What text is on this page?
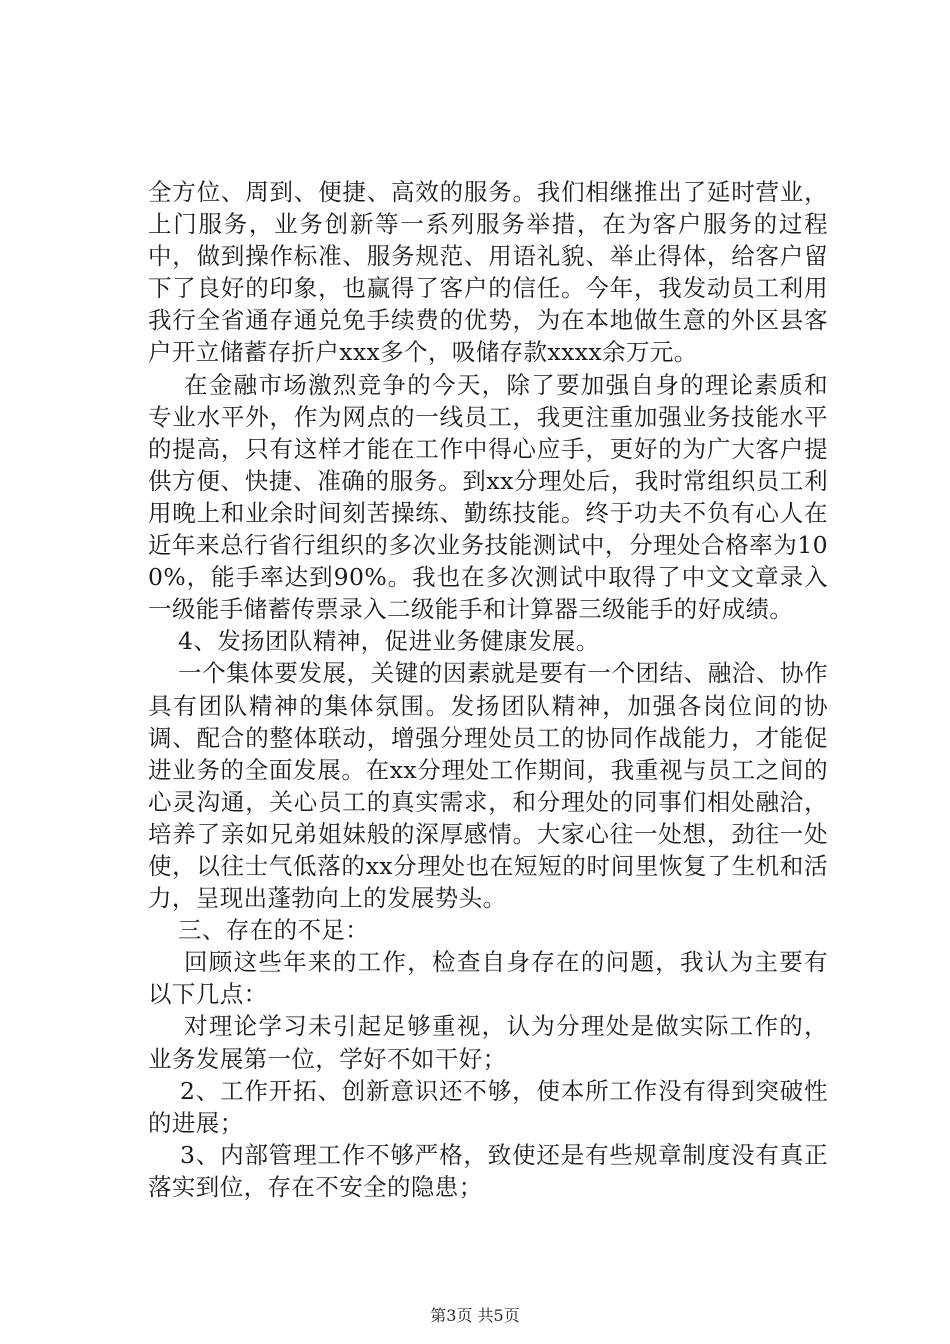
全方位、周到、便捷、高效的服务。我们相继推出了延时营业，上门服务，业务创新等一系列服务举措，在为客户服务的过程中，做到操作标准、服务规范、用语礼貌、举止得体，给客户留下了良好的印象，也赢得了客户的信任。今年，我发动员工利用我行全省通存通兑免手续费的优势，为在本地做生意的外区县客户开立储蓄存折户xxx多个，吸储存款xxxx余万元。

在金融市场激烈竞争的今天，除了要加强自身的理论素质和专业水平外，作为网点的一线员工，我更注重加强业务技能水平的提高，只有这样才能在工作中得心应手，更好的为广大客户提供方便、快捷、准确的服务。到xx分理处后，我时常组织员工利用晚上和业余时间刻苦操练、勤练技能。终于功夫不负有心人在近年来总行省行组织的多次业务技能测试中，分理处合格率为100%，能手率达到90%。我也在多次测试中取得了中文文章录入一级能手储蓄传票录入二级能手和计算器三级能手的好成绩。

4、发扬团队精神，促进业务健康发展。

一个集体要发展，关键的因素就是要有一个团结、融洽、协作具有团队精神的集体氛围。发扬团队精神，加强各岗位间的协调、配合的整体联动，增强分理处员工的协同作战能力，才能促进业务的全面发展。在xx分理处工作期间，我重视与员工之间的心灵沟通，关心员工的真实需求，和分理处的同事们相处融洽，培养了亲如兄弟姐妹般的深厚感情。大家心往一处想，劲往一处使，以往士气低落的xx分理处也在短短的时间里恢复了生机和活力，呈现出蓬勃向上的发展势头。

三、存在的不足：

回顾这些年来的工作，检查自身存在的问题，我认为主要有以下几点：

对理论学习未引起足够重视，认为分理处是做实际工作的，业务发展第一位，学好不如干好；

2、工作开拓、创新意识还不够，使本所工作没有得到突破性的进展；

3、内部管理工作不够严格，致使还是有些规章制度没有真正落实到位，存在不安全的隐患；

第3页 共5页
